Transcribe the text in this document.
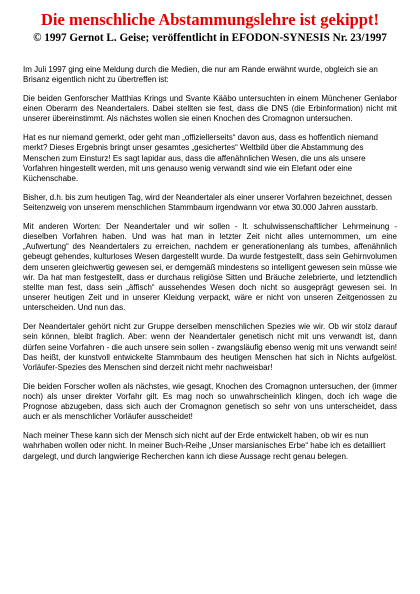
Die menschliche Abstammungslehre ist gekippt!
© 1997 Gernot L. Geise; veröffentlicht in EFODON-SYNESIS Nr. 23/1997

Im Juli 1997 ging eine Meldung durch die Medien, die nur am Rande erwähnt wurde, obgleich sie an Brisanz eigentlich nicht zu übertreffen ist:

Die beiden Genforscher Matthias Krings und Svante Kääbo untersuchten in einem Münchener Genlabor einen Oberarm des Neandertalers. Dabei stellten sie fest, dass die DNS (die Erbinformation) nicht mit unserer übereinstimmt. Als nächstes wollen sie einen Knochen des Cromagnon untersuchen.

Hat es nur niemand gemerkt, oder geht man „offiziellerseits“ davon aus, dass es hoffentlich niemand merkt? Dieses Ergebnis bringt unser gesamtes „gesichertes“ Weltbild über die Abstammung des Menschen zum Einsturz! Es sagt lapidar aus, dass die affenähnlichen Wesen, die uns als unsere Vorfahren hingestellt werden, mit uns genauso wenig verwandt sind wie ein Elefant oder eine Küchenschabe.

Bisher, d.h. bis zum heutigen Tag, wird der Neandertaler als einer unserer Vorfahren bezeichnet, dessen Seitenzweig von unserem menschlichen Stammbaum irgendwann vor etwa 30.000 Jahren ausstarb.

Mit anderen Worten: Der Neandertaler und wir sollen - lt. schulwissenschaftlicher Lehrmeinung - dieselben Vorfahren haben. Und was hat man in letzter Zeit nicht alles unternommen, um eine „Aufwertung“ des Neandertalers zu erreichen, nachdem er generationenlang als tumbes, affenähnlich gebeugt gehendes, kulturloses Wesen dargestellt wurde. Da wurde festgestellt, dass sein Gehirnvolumen dem unseren gleichwertig gewesen sei, er demgemäß mindestens so intelligent gewesen sein müsse wie wir. Da hat man festgestellt, dass er durchaus religiöse Sitten und Bräuche zelebrierte, und letztendlich stellte man fest, dass sein „äffisch“ aussehendes Wesen doch nicht so ausgeprägt gewesen sei. In unserer heutigen Zeit und in unserer Kleidung verpackt, wäre er nicht von unseren Zeitgenossen zu unterscheiden. Und nun das.

Der Neandertaler gehört nicht zur Gruppe derselben menschlichen Spezies wie wir. Ob wir stolz darauf sein können, bleibt fraglich. Aber: wenn der Neandertaler genetisch nicht mit uns verwandt ist, dann dürfen seine Vorfahren - die auch unsere sein sollen - zwangsläufig ebenso wenig mit uns verwandt sein! Das heißt, der kunstvoll entwickelte Stammbaum des heutigen Menschen hat sich in Nichts aufgelöst. Vorläufer-Spezies des Menschen sind derzeit nicht mehr nachweisbar!

Die beiden Forscher wollen als nächstes, wie gesagt, Knochen des Cromagnon untersuchen, der (immer noch) als unser direkter Vorfahr gilt. Es mag noch so unwahrscheinlich klingen, doch ich wage die Prognose abzugeben, dass sich auch der Cromagnon genetisch so sehr von uns unterscheidet, dass auch er als menschlicher Vorläufer ausscheidet!

Nach meiner These kann sich der Mensch sich nicht auf der Erde entwickelt haben, ob wir es nun wahrhaben wollen oder nicht. In meiner Buch-Reihe „Unser marsianisches Erbe“ habe ich es detailliert dargelegt, und durch langwierige Recherchen kann ich diese Aussage recht genau belegen.
